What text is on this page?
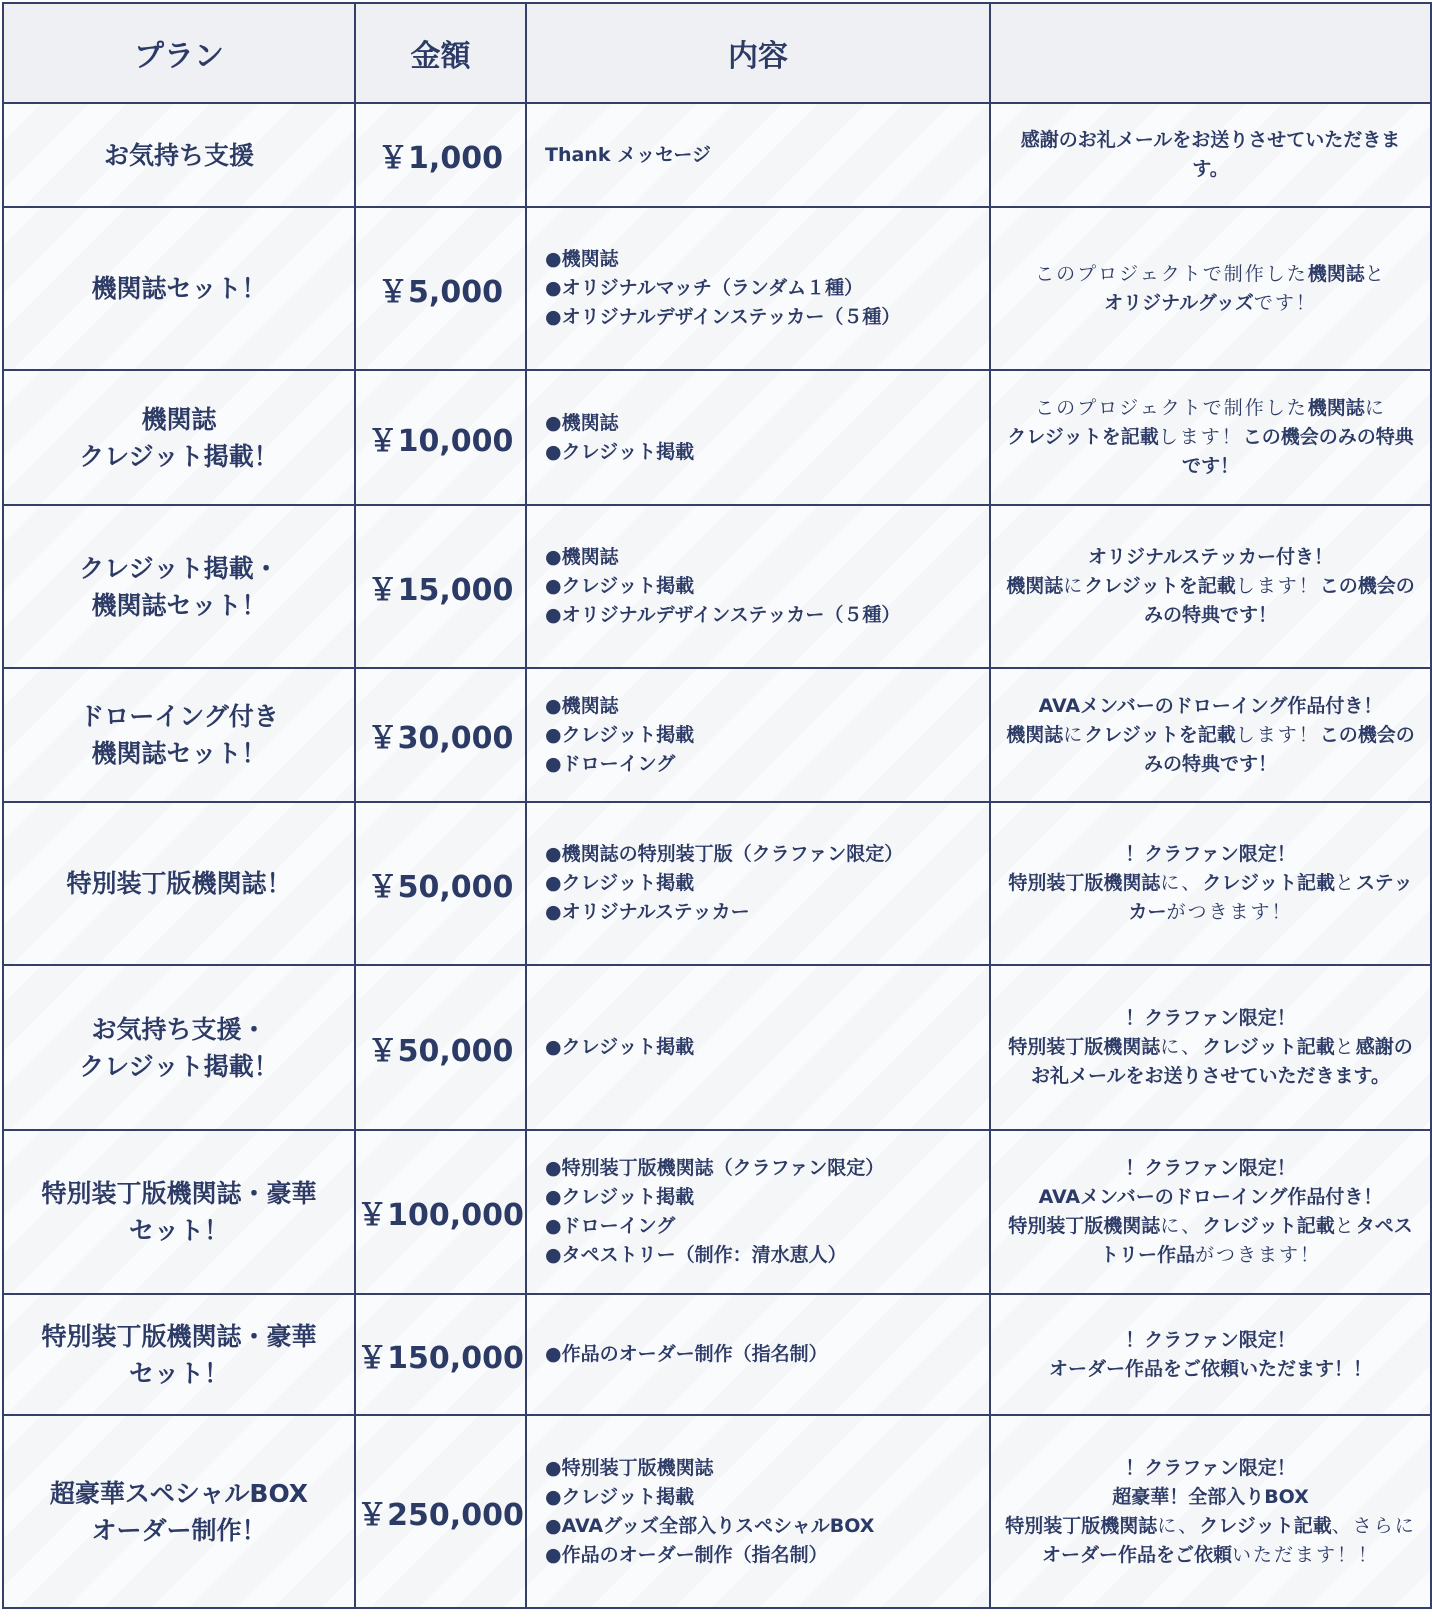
プラン	金額	内容	

お気持ち支援	￥1,000	Thank メッセージ	感謝のお礼メールをお送りさせていただきます。

機関誌セット！	￥5,000	●機関誌
●オリジナルマッチ（ランダム１種）
●オリジナルデザインステッカー（５種）	このプロジェクトで制作した機関誌と
オリジナルグッズです！

機関誌
クレジット掲載！	￥10,000	●機関誌
●クレジット掲載	このプロジェクトで制作した機関誌に
クレジットを記載します！この機会のみの特典です！

クレジット掲載・
機関誌セット！	￥15,000	●機関誌
●クレジット掲載
●オリジナルデザインステッカー（５種）	オリジナルステッカー付き！
機関誌にクレジットを記載します！この機会のみの特典です！

ドローイング付き
機関誌セット！	￥30,000	●機関誌
●クレジット掲載
●ドローイング	AVAメンバーのドローイング作品付き！
機関誌にクレジットを記載します！この機会のみの特典です！

特別装丁版機関誌！	￥50,000	●機関誌の特別装丁版（クラファン限定）
●クレジット掲載
●オリジナルステッカー	！クラファン限定！
特別装丁版機関誌に、クレジット記載とステッカーがつきます！

お気持ち支援・
クレジット掲載！	￥50,000	●クレジット掲載	！クラファン限定！
特別装丁版機関誌に、クレジット記載と感謝のお礼メールをお送りさせていただきます。

特別装丁版機関誌・豪華
セット！	￥100,000	●特別装丁版機関誌（クラファン限定）
●クレジット掲載
●ドローイング
●タペストリー（制作：清水恵人）	！クラファン限定！
AVAメンバーのドローイング作品付き！
特別装丁版機関誌に、クレジット記載とタペストリー作品がつきます！

特別装丁版機関誌・豪華
セット！	￥150,000	●作品のオーダー制作（指名制）	！クラファン限定！
オーダー作品をご依頼いただます！！

超豪華スペシャルBOX
オーダー制作！	￥250,000	●特別装丁版機関誌
●クレジット掲載
●AVAグッズ全部入りスペシャルBOX
●作品のオーダー制作（指名制）	！クラファン限定！
超豪華！全部入りBOX
特別装丁版機関誌に、クレジット記載、さらにオーダー作品をご依頼いただます！！
